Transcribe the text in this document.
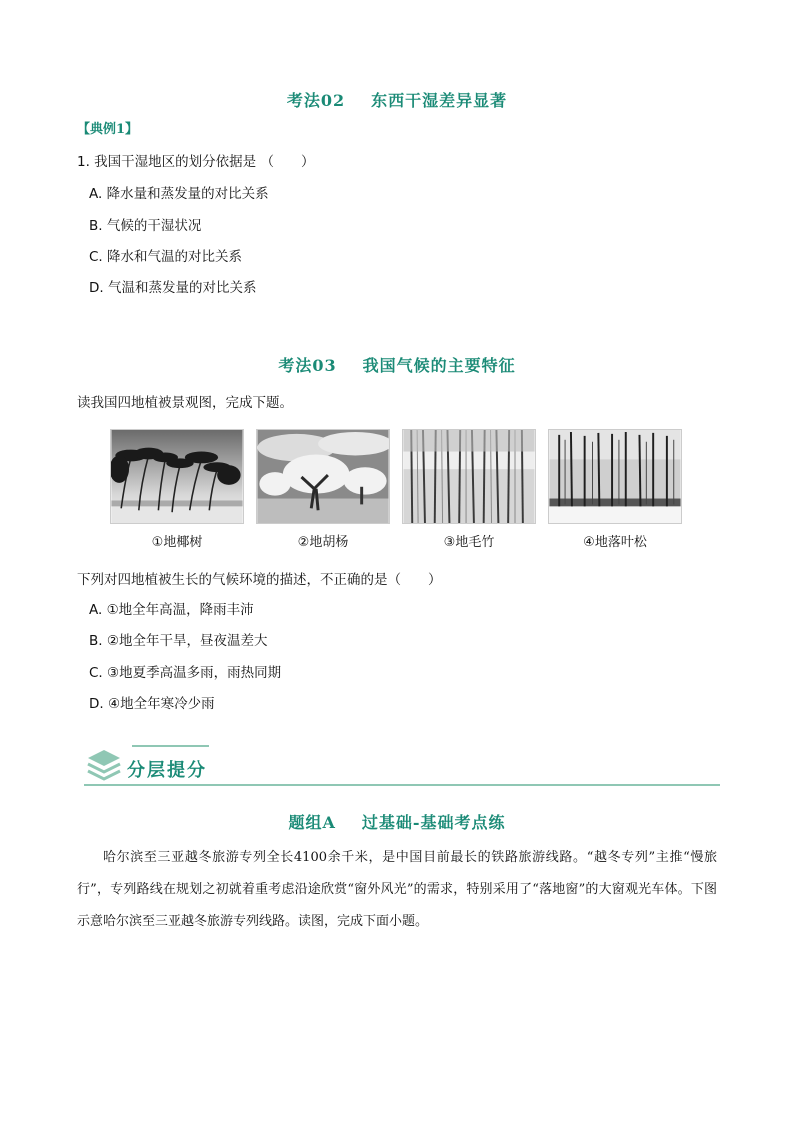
考法02 东西干湿差异显著
【典例1】
1. 我国干湿地区的划分依据是 （　　）
A. 降水量和蒸发量的对比关系
B. 气候的干湿状况
C. 降水和气温的对比关系
D. 气温和蒸发量的对比关系
考法03 我国气候的主要特征
读我国四地植被景观图，完成下题。
①地椰树	②地胡杨	③地毛竹	④地落叶松
下列对四地植被生长的气候环境的描述，不正确的是（　　）
A. ①地全年高温，降雨丰沛
B. ②地全年干旱，昼夜温差大
C. ③地夏季高温多雨，雨热同期
D. ④地全年寒冷少雨
分层提分
题组A 过基础-基础考点练
哈尔滨至三亚越冬旅游专列全长4100余千米，是中国目前最长的铁路旅游线路。“越冬专列”主推“慢旅行”，专列路线在规划之初就着重考虑沿途欣赏“窗外风光”的需求，特别采用了“落地窗”的大窗观光车体。下图示意哈尔滨至三亚越冬旅游专列线路。读图，完成下面小题。
